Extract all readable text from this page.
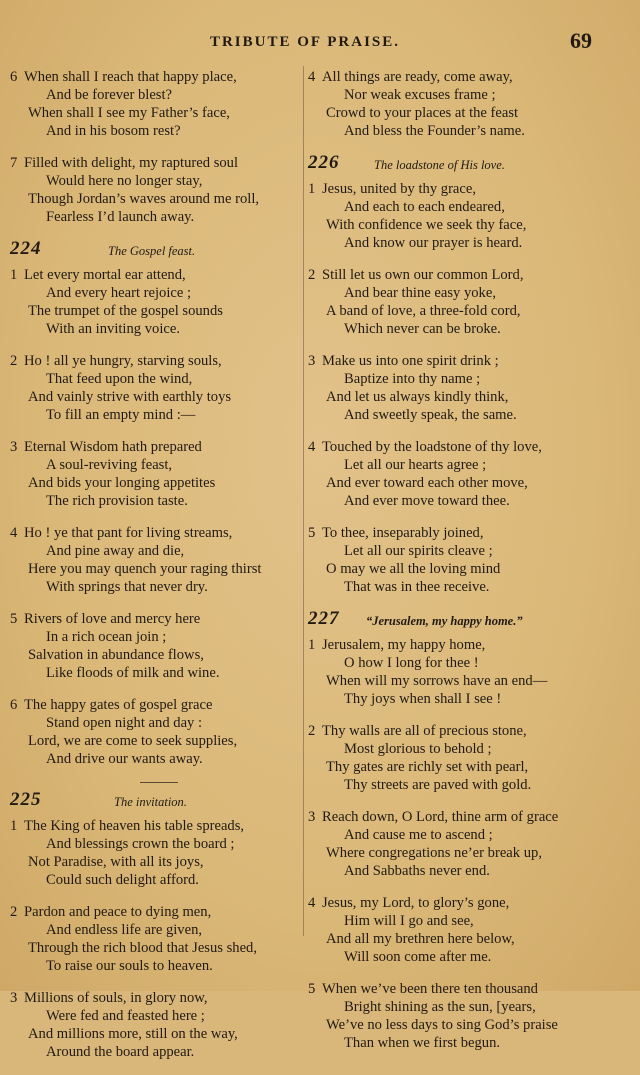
TRIBUTE OF PRAISE.	69
6 When shall I reach that happy place,
And be forever blest?
When shall I see my Father’s face,
And in his bosom rest?
7 Filled with delight, my raptured soul
Would here no longer stay,
Though Jordan’s waves around me roll,
Fearless I’d launch away.
224	The Gospel feast.
1 Let every mortal ear attend,
And every heart rejoice ;
The trumpet of the gospel sounds
With an inviting voice.
2 Ho ! all ye hungry, starving souls,
That feed upon the wind,
And vainly strive with earthly toys
To fill an empty mind :—
3 Eternal Wisdom hath prepared
A soul-reviving feast,
And bids your longing appetites
The rich provision taste.
4 Ho ! ye that pant for living streams,
And pine away and die,
Here you may quench your raging thirst
With springs that never dry.
5 Rivers of love and mercy here
In a rich ocean join ;
Salvation in abundance flows,
Like floods of milk and wine.
6 The happy gates of gospel grace
Stand open night and day :
Lord, we are come to seek supplies,
And drive our wants away.
225	The invitation.
1 The King of heaven his table spreads,
And blessings crown the board ;
Not Paradise, with all its joys,
Could such delight afford.
2 Pardon and peace to dying men,
And endless life are given,
Through the rich blood that Jesus shed,
To raise our souls to heaven.
3 Millions of souls, in glory now,
Were fed and feasted here ;
And millions more, still on the way,
Around the board appear.
4 All things are ready, come away,
Nor weak excuses frame ;
Crowd to your places at the feast
And bless the Founder’s name.
226	The loadstone of His love.
1 Jesus, united by thy grace,
And each to each endeared,
With confidence we seek thy face,
And know our prayer is heard.
2 Still let us own our common Lord,
And bear thine easy yoke,
A band of love, a three-fold cord,
Which never can be broke.
3 Make us into one spirit drink ;
Baptize into thy name ;
And let us always kindly think,
And sweetly speak, the same.
4 Touched by the loadstone of thy love,
Let all our hearts agree ;
And ever toward each other move,
And ever move toward thee.
5 To thee, inseparably joined,
Let all our spirits cleave ;
O may we all the loving mind
That was in thee receive.
227 “Jerusalem, my happy home.”
1 Jerusalem, my happy home,
O how I long for thee !
When will my sorrows have an end—
Thy joys when shall I see !
2 Thy walls are all of precious stone,
Most glorious to behold ;
Thy gates are richly set with pearl,
Thy streets are paved with gold.
3 Reach down, O Lord, thine arm of grace
And cause me to ascend ;
Where congregations ne’er break up,
And Sabbaths never end.
4 Jesus, my Lord, to glory’s gone,
Him will I go and see,
And all my brethren here below,
Will soon come after me.
5 When we’ve been there ten thousand
Bright shining as the sun, [years,
We’ve no less days to sing God’s praise
Than when we first begun.
